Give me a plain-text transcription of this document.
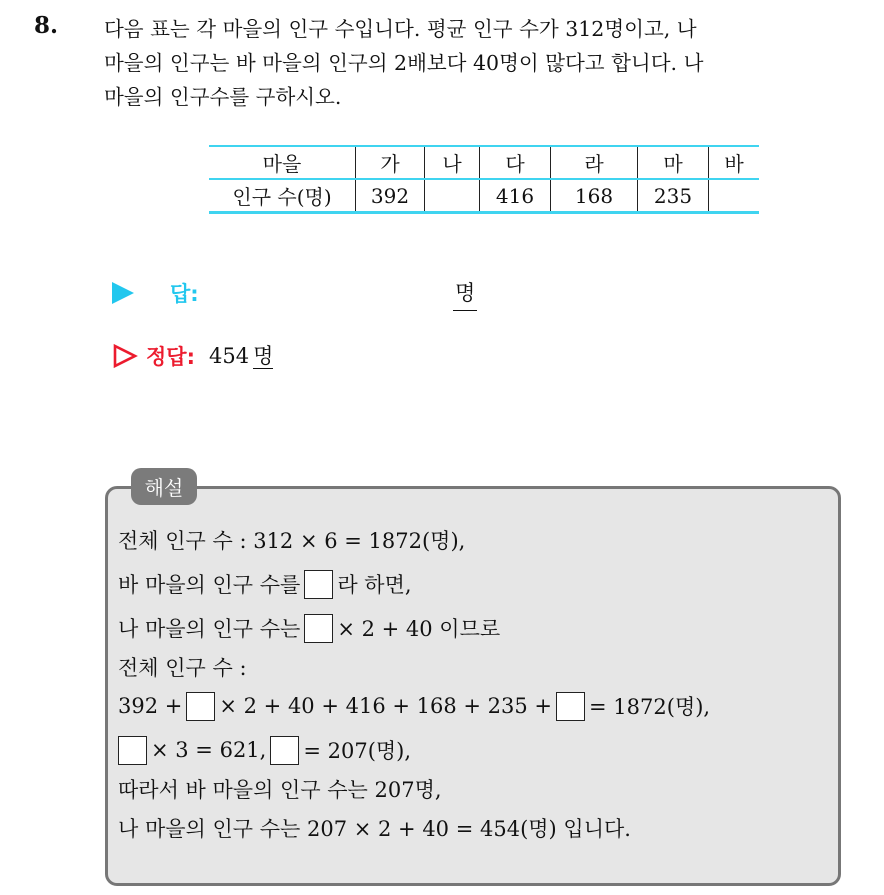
8. 다음 표는 각 마을의 인구 수입니다. 평균 인구 수가 312명이고, 나
마을의 인구는 바 마을의 인구의 2배보다 40명이 많다고 합니다. 나
마을의 인구수를 구하시오.
마을	가	나	다	라	마	바
인구 수(명)	392		416	168	235	
답:	명
정답: 454 명
해설
전체 인구 수 : 312 × 6 = 1872(명),
바 마을의 인구 수를 라 하면,
나 마을의 인구 수는 × 2 + 40 이므로
전체 인구 수 :
392 + × 2 + 40 + 416 + 168 + 235 + = 1872(명),
× 3 = 621, = 207(명),
따라서 바 마을의 인구 수는 207명,
나 마을의 인구 수는 207 × 2 + 40 = 454(명) 입니다.
